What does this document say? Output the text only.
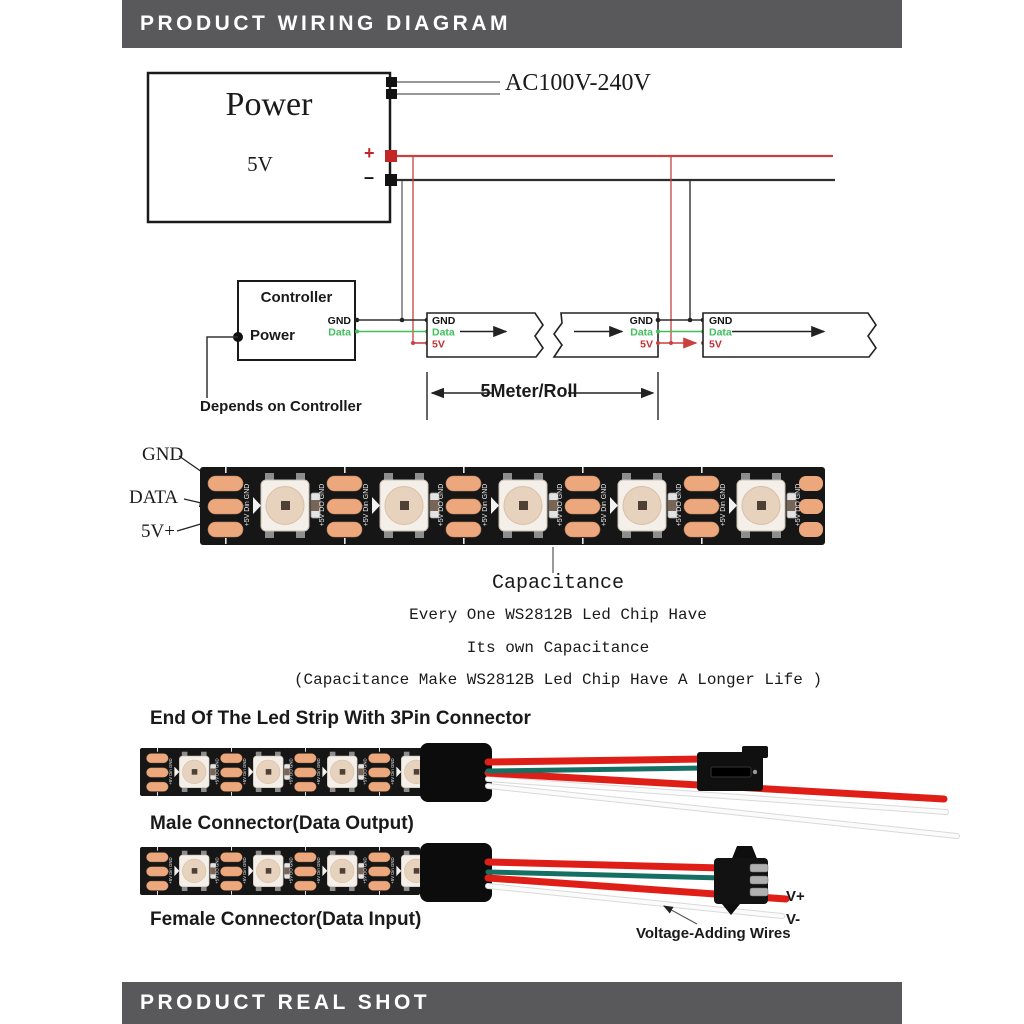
PRODUCT WIRING DIAGRAM
+5V Din GND	C1	+5V DO GND
GND
Data
GND
Data
5V
GND
Data
5V
GND
Data
5V
Power
5V
AC100V-240V
+
–
Controller
Power
Depends on Controller
5Meter/Roll
GND
DATA
5V+
Capacitance
Every One WS2812B Led Chip Have
Its own Capacitance
(Capacitance Make WS2812B Led Chip Have A Longer Life )
End Of The Led Strip With 3Pin Connector
Male Connector(Data Output)
Female Connector(Data Input)
V+
V-
Voltage-Adding Wires
PRODUCT REAL SHOT
